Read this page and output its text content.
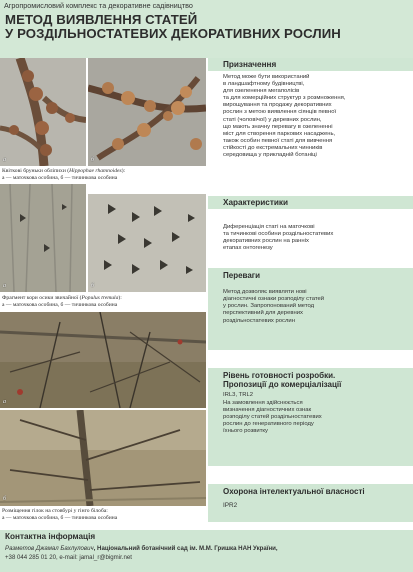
Агропромисловий комплекс та декоративне садівництво
МЕТОД ВИЯВЛЕННЯ СТАТЕЙ
У РОЗДІЛЬНОСТАТЕВИХ ДЕКОРАТИВНИХ РОСЛИН
а	б
Квіткові бруньки обліпихи (Hippophae rhamnoides):
а — маточкова особина, б — тичинкова особина
а	б
Фрагмент кори осики звичайної (Populus tremula):
а — маточкова особина, б — тичинкова особина
а
б
Розміщення гілок на стовбурі у гінго білоба:
а — маточкова особина, б — тичинкова особина
Призначення
Метод може бути використаний
в ландшафтному будівництві,
для озеленення мегаполісів
та для комерційних структур з розмноження,
вирощування та продажу декоративних
рослин з метою виявлення сіянців певної
статі (чоловічої) у деревних рослин,
що мають значну перевагу в озелененні
міст для створення паркових насаджень,
також особин певної статі для вивчення
стійкості до екстремальних чинників
середовища у прикладній ботаніці
Характеристики
Диференціація статі на маточкові
та тичинкові особини роздільностатевих
декоративних рослин на ранніх
етапах онтогенезу
Переваги
Метод дозволяє виявляти нові
діагностичні ознаки розподілу статей
у рослин. Запропонований метод
перспективний для деревних
роздільностатевих рослин
Рівень готовності розробки.
Пропозиції до комерціалізації
IRL3, TRL2
На замовлення здійснюється
визначення діагностичних ознак
розподілу статей роздільностатевих
рослин до генеративного періоду
їхнього розвитку
Охорона інтелектуальної власності
IPR2
Контактна інформація
Разметов Джамал Бахлулович, Національний ботанічний сад ім. М.М. Гришка НАН України,
+38 044 285 01 20, e-mail: jamal_r@bigmir.net
